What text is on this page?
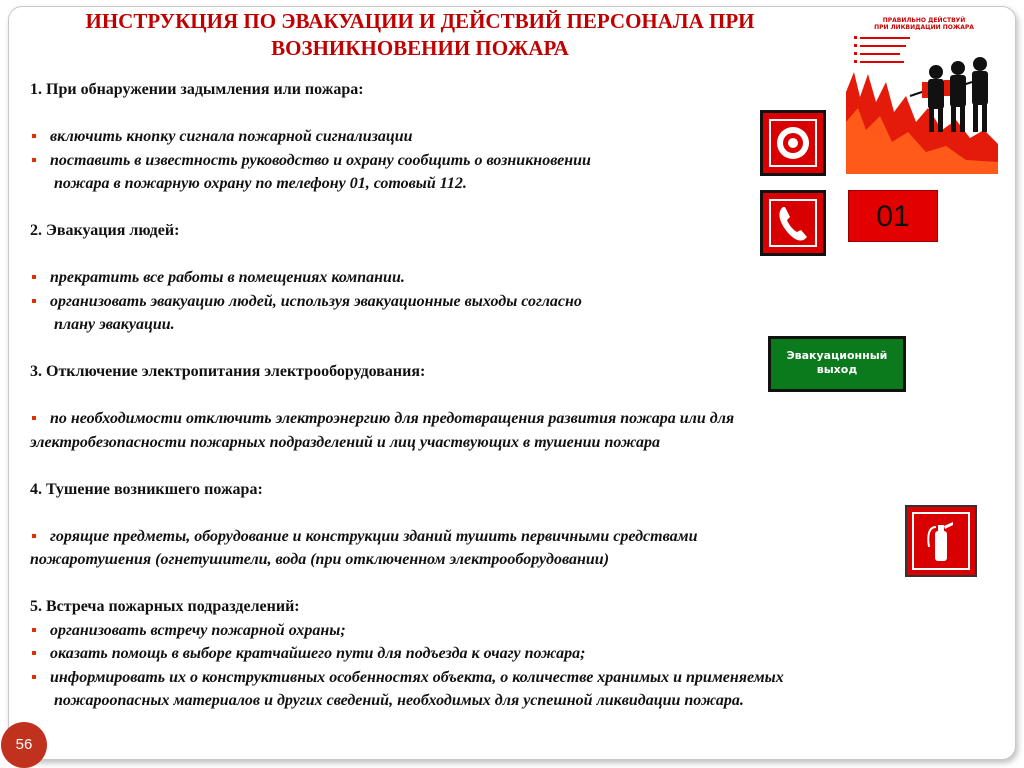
ИНСТРУКЦИЯ ПО ЭВАКУАЦИИ И ДЕЙСТВИЙ ПЕРСОНАЛА ПРИ
ВОЗНИКНОВЕНИИ ПОЖАРА
1. При обнаружении задымления или пожара:
включить кнопку сигнала пожарной сигнализации
поставить в известность руководство и охрану сообщить о возникновении
пожара в пожарную охрану по телефону 01, сотовый 112.
2. Эвакуация людей:
прекратить все работы в помещениях компании.
организовать эвакуацию людей, используя эвакуационные выходы согласно
плану эвакуации.
3. Отключение электропитания электрооборудования:
по необходимости отключить электроэнергию для предотвращения развития пожара или для
электробезопасности пожарных подразделений и лиц участвующих в тушении пожара
4. Тушение возникшего пожара:
горящие предметы, оборудование и конструкции зданий тушить первичными средствами
пожаротушения (огнетушители, вода (при отключенном электрооборудовании)
5. Встреча пожарных подразделений:
организовать встречу пожарной охраны;
оказать помощь в выборе кратчайшего пути для подъезда к очагу пожара;
информировать их о конструктивных особенностях объекта, о количестве хранимых и применяемых
пожароопасных материалов и других сведений, необходимых для успешной ликвидации пожара.
ПРАВИЛЬНО ДЕЙСТВУЙ
ПРИ ЛИКВИДАЦИИ ПОЖАРА
01
Эвакуационный
выход
56
